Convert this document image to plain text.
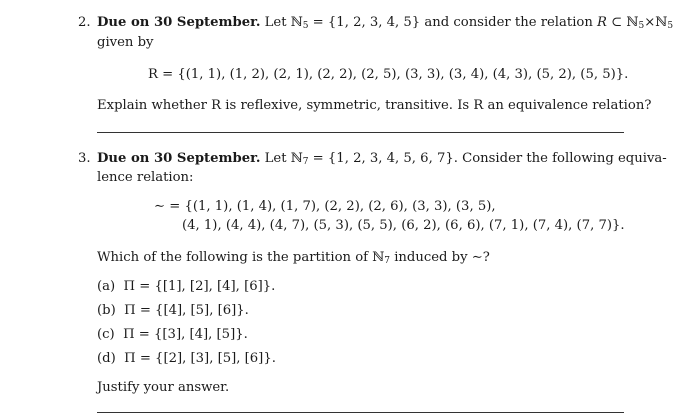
2. Due on 30 September. Let ℕ$_5$ = {1, 2, 3, 4, 5} and consider the relation R ⊂ ℕ$_5$×ℕ$_5$
given by
R = {(1, 1), (1, 2), (2, 1), (2, 2), (2, 5), (3, 3), (3, 4), (4, 3), (5, 2), (5, 5)}.
Explain whether R is reflexive, symmetric, transitive. Is R an equivalence relation?
3. Due on 30 September. Let ℕ$_7$ = {1, 2, 3, 4, 5, 6, 7}. Consider the following equiva-
lence relation:
∼ = {(1, 1), (1, 4), (1, 7), (2, 2), (2, 6), (3, 3), (3, 5),
(4, 1), (4, 4), (4, 7), (5, 3), (5, 5), (6, 2), (6, 6), (7, 1), (7, 4), (7, 7)}.
Which of the following is the partition of ℕ$_7$ induced by ∼?
(a) Π = {[1], [2], [4], [6]}.
(b) Π = {[4], [5], [6]}.
(c) Π = {[3], [4], [5]}.
(d) Π = {[2], [3], [5], [6]}.
Justify your answer.
